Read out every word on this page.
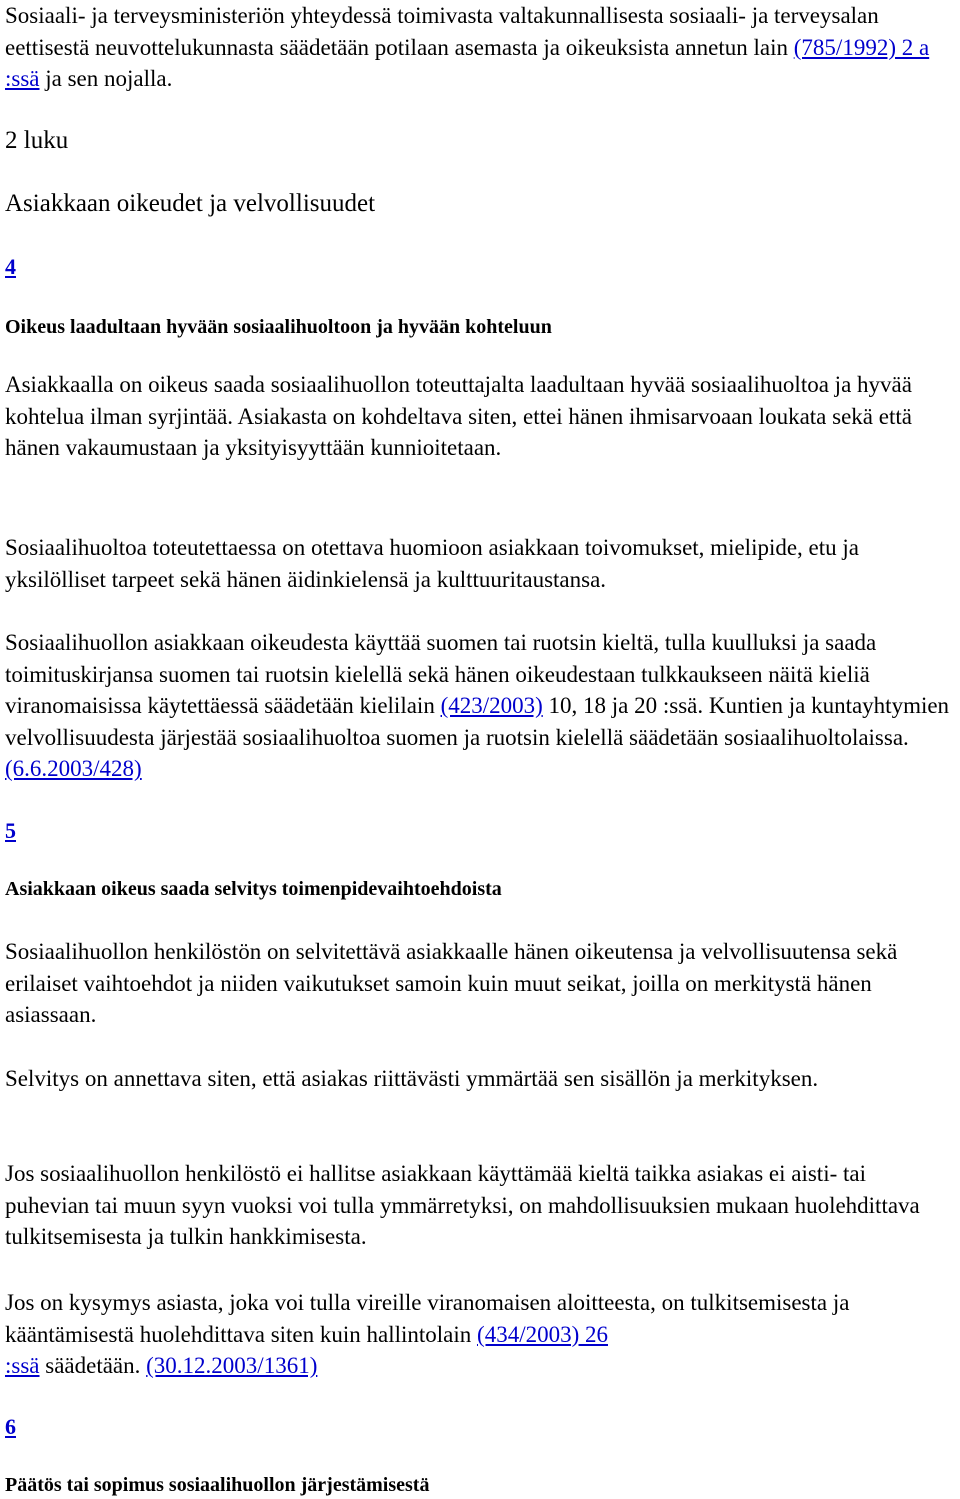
Sosiaali- ja terveysministeriön yhteydessä toimivasta valtakunnallisesta sosiaali- ja terveysalan eettisestä neuvottelukunnasta säädetään potilaan asemasta ja oikeuksista annetun lain (785/1992) 2 a :ssä ja sen nojalla.

2 luku
Asiakkaan oikeudet ja velvollisuudet
4
Oikeus laadultaan hyvään sosiaalihuoltoon ja hyvään kohteluun

Asiakkaalla on oikeus saada sosiaalihuollon toteuttajalta laadultaan hyvää sosiaalihuoltoa ja hyvää kohtelua ilman syrjintää. Asiakasta on kohdeltava siten, ettei hänen ihmisarvoaan loukata sekä että hänen vakaumustaan ja yksityisyyttään kunnioitetaan.

Sosiaalihuoltoa toteutettaessa on otettava huomioon asiakkaan toivomukset, mielipide, etu ja yksilölliset tarpeet sekä hänen äidinkielensä ja kulttuuritaustansa.

Sosiaalihuollon asiakkaan oikeudesta käyttää suomen tai ruotsin kieltä, tulla kuulluksi ja saada toimituskirjansa suomen tai ruotsin kielellä sekä hänen oikeudestaan tulkkaukseen näitä kieliä viranomaisissa käytettäessä säädetään kielilain (423/2003) 10, 18 ja 20 :ssä. Kuntien ja kuntayhtymien velvollisuudesta järjestää sosiaalihuoltoa suomen ja ruotsin kielellä säädetään sosiaalihuoltolaissa. (6.6.2003/428)

5
Asiakkaan oikeus saada selvitys toimenpidevaihtoehdoista

Sosiaalihuollon henkilöstön on selvitettävä asiakkaalle hänen oikeutensa ja velvollisuutensa sekä erilaiset vaihtoehdot ja niiden vaikutukset samoin kuin muut seikat, joilla on merkitystä hänen asiassaan.

Selvitys on annettava siten, että asiakas riittävästi ymmärtää sen sisällön ja merkityksen.

Jos sosiaalihuollon henkilöstö ei hallitse asiakkaan käyttämää kieltä taikka asiakas ei aisti- tai puhevian tai muun syyn vuoksi voi tulla ymmärretyksi, on mahdollisuuksien mukaan huolehdittava tulkitsemisesta ja tulkin hankkimisesta.

Jos on kysymys asiasta, joka voi tulla vireille viranomaisen aloitteesta, on tulkitsemisesta ja kääntämisestä huolehdittava siten kuin hallintolain (434/2003) 26
:ssä säädetään. (30.12.2003/1361)

6
Päätös tai sopimus sosiaalihuollon järjestämisestä
